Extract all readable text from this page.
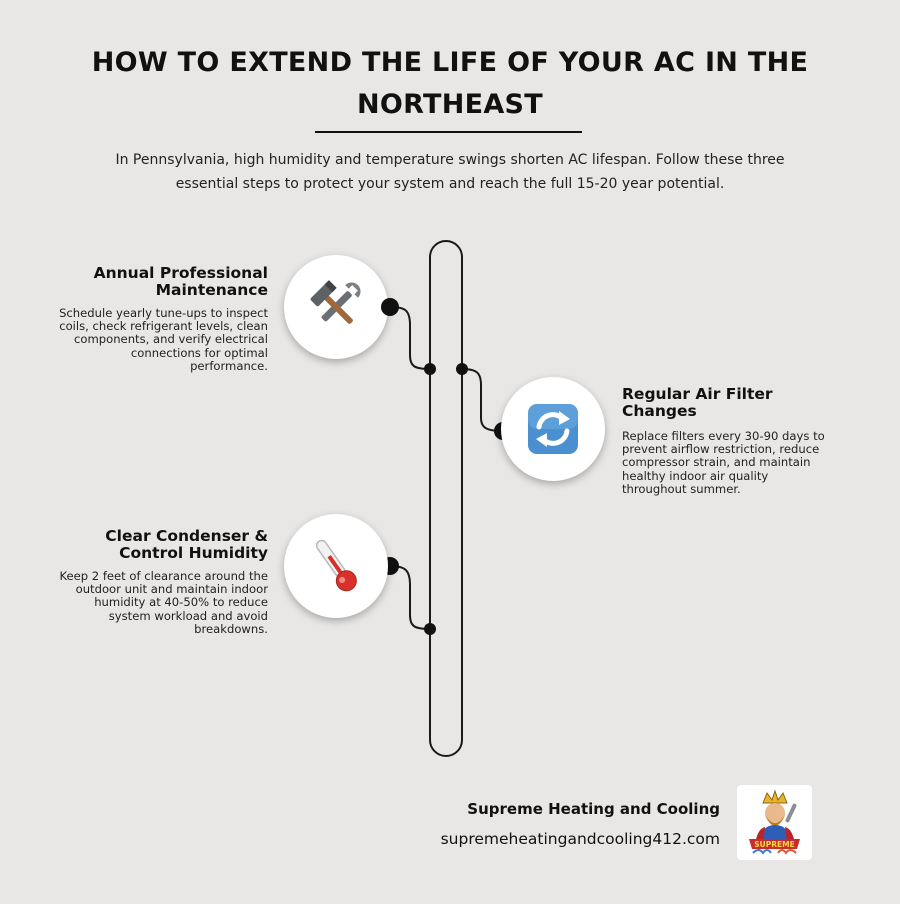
HOW TO EXTEND THE LIFE OF YOUR AC IN THE NORTHEAST

In Pennsylvania, high humidity and temperature swings shorten AC lifespan. Follow these three essential steps to protect your system and reach the full 15-20 year potential.

Annual Professional Maintenance

Schedule yearly tune-ups to inspect coils, check refrigerant levels, clean components, and verify electrical connections for optimal performance.

Regular Air Filter Changes

Replace filters every 30-90 days to prevent airflow restriction, reduce compressor strain, and maintain healthy indoor air quality throughout summer.

Clear Condenser & Control Humidity

Keep 2 feet of clearance around the outdoor unit and maintain indoor humidity at 40-50% to reduce system workload and avoid breakdowns.

Supreme Heating and Cooling
supremeheatingandcooling412.com	SUPREME
